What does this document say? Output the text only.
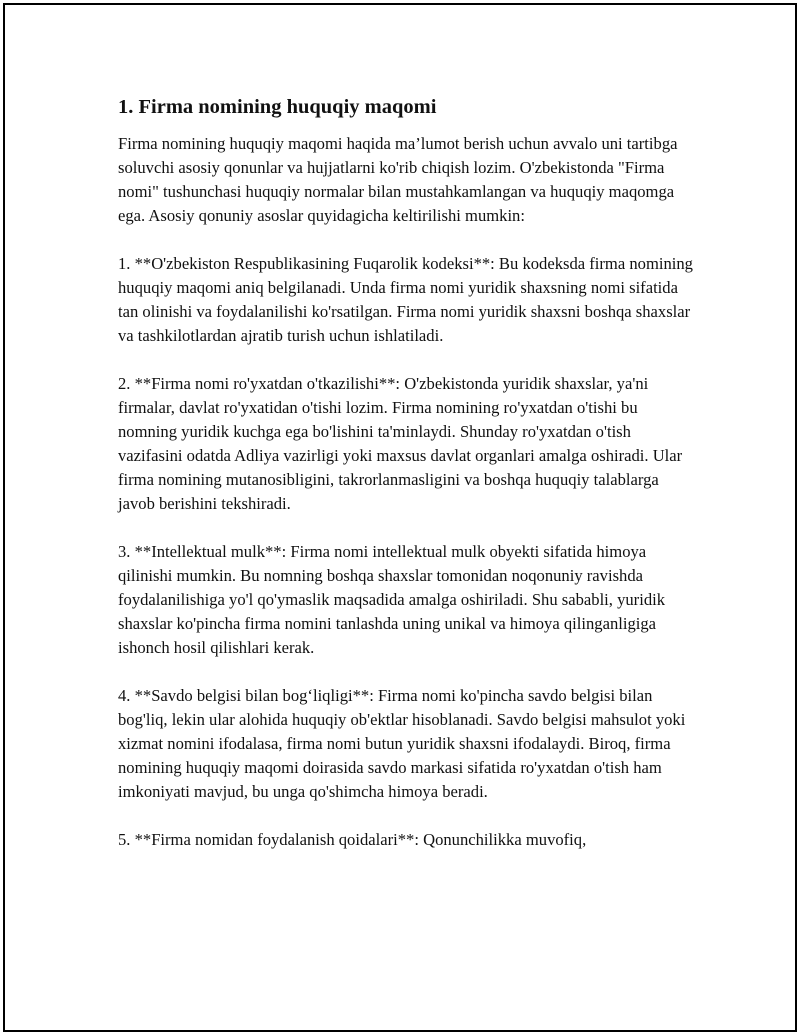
1. Firma nomining huquqiy maqomi

Firma nomining huquqiy maqomi haqida ma’lumot berish uchun avvalo uni tartibga soluvchi asosiy qonunlar va hujjatlarni ko'rib chiqish lozim. O'zbekistonda "Firma nomi" tushunchasi huquqiy normalar bilan mustahkamlangan va huquqiy maqomga ega. Asosiy qonuniy asoslar quyidagicha keltirilishi mumkin:

1. **O'zbekiston Respublikasining Fuqarolik kodeksi**: Bu kodeksda firma nomining huquqiy maqomi aniq belgilanadi. Unda firma nomi yuridik shaxsning nomi sifatida tan olinishi va foydalanilishi ko'rsatilgan. Firma nomi yuridik shaxsni boshqa shaxslar va tashkilotlardan ajratib turish uchun ishlatiladi.

2. **Firma nomi ro'yxatdan o'tkazilishi**: O'zbekistonda yuridik shaxslar, ya'ni firmalar, davlat ro'yxatidan o'tishi lozim. Firma nomining ro'yxatdan o'tishi bu nomning yuridik kuchga ega bo'lishini ta'minlaydi. Shunday ro'yxatdan o'tish vazifasini odatda Adliya vazirligi yoki maxsus davlat organlari amalga oshiradi. Ular firma nomining mutanosibligini, takrorlanmasligini va boshqa huquqiy talablarga javob berishini tekshiradi.

3. **Intellektual mulk**: Firma nomi intellektual mulk obyekti sifatida himoya qilinishi mumkin. Bu nomning boshqa shaxslar tomonidan noqonuniy ravishda foydalanilishiga yo'l qo'ymaslik maqsadida amalga oshiriladi. Shu sababli, yuridik shaxslar ko'pincha firma nomini tanlashda uning unikal va himoya qilinganligiga ishonch hosil qilishlari kerak.

4. **Savdo belgisi bilan bog‘liqligi**: Firma nomi ko'pincha savdo belgisi bilan bog'liq, lekin ular alohida huquqiy ob'ektlar hisoblanadi. Savdo belgisi mahsulot yoki xizmat nomini ifodalasa, firma nomi butun yuridik shaxsni ifodalaydi. Biroq, firma nomining huquqiy maqomi doirasida savdo markasi sifatida ro'yxatdan o'tish ham imkoniyati mavjud, bu unga qo'shimcha himoya beradi.

5. **Firma nomidan foydalanish qoidalari**: Qonunchilikka muvofiq,
